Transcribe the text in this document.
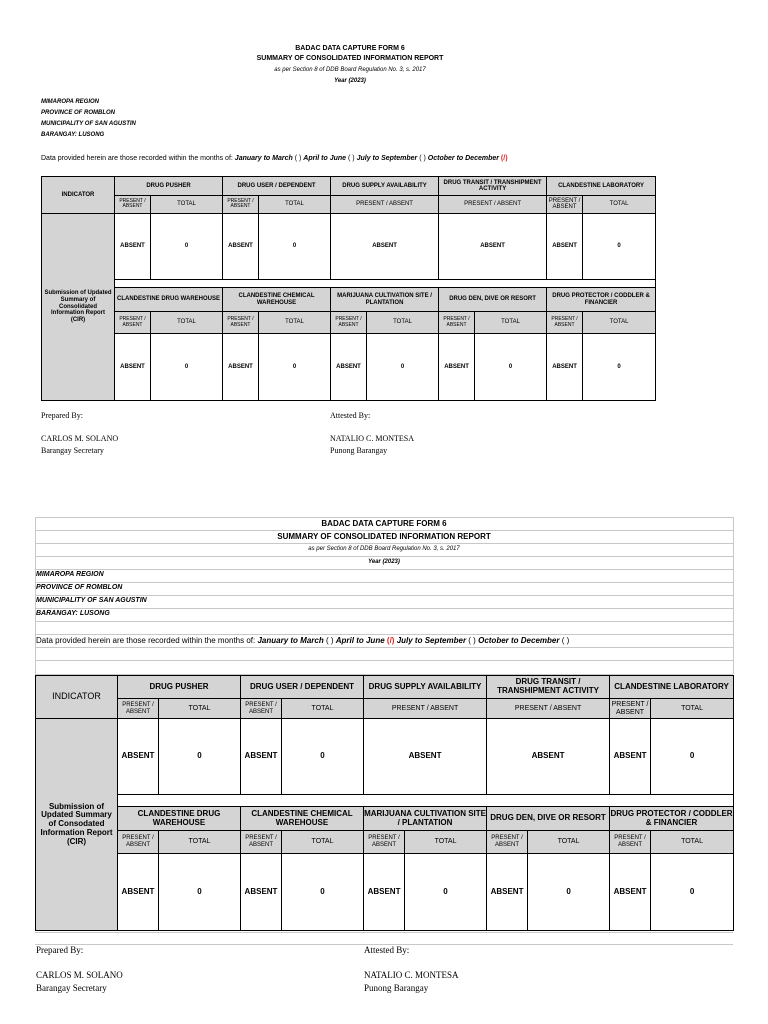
BADAC DATA CAPTURE FORM 6
SUMMARY OF CONSOLIDATED INFORMATION REPORT
as per Section 8 of DDB Board Regulation No. 3, s. 2017
Year (2023)
MIMAROPA REGION
PROVINCE OF ROMBLON
MUNICIPALITY OF SAN AGUSTIN
BARANGAY: LUSONG
Data provided herein are those recorded within the months of: January to March ( ) April to June ( ) July to September ( ) October to December (/)
INDICATOR	DRUG PUSHER		DRUG USER / DEPENDENT		DRUG SUPPLY AVAILABILITY		DRUG TRANSIT / TRANSHIPMENT ACTIVITY		CLANDESTINE LABORATORY	
	PRESENT / ABSENT	TOTAL	PRESENT / ABSENT	TOTAL	PRESENT / ABSENT		PRESENT / ABSENT		PRESENT / ABSENT	TOTAL
Submission of Updated Summary of Consolidated Information Report (CIR)	ABSENT	0	ABSENT	0	ABSENT		ABSENT		ABSENT	0

	CLANDESTINE DRUG WAREHOUSE		CLANDESTINE CHEMICAL WAREHOUSE		MARIJUANA CULTIVATION SITE / PLANTATION		DRUG DEN, DIVE OR RESORT		DRUG PROTECTOR / CODDLER & FINANCIER	
	PRESENT / ABSENT	TOTAL	PRESENT / ABSENT	TOTAL	PRESENT / ABSENT	TOTAL	PRESENT / ABSENT	TOTAL	PRESENT / ABSENT	TOTAL
	ABSENT	0	ABSENT	0	ABSENT	0	ABSENT	0	ABSENT	0
Prepared By:
CARLOS M. SOLANO
Barangay Secretary
Attested By:
NATALIO C. MONTESA
Punong Barangay
BADAC DATA CAPTURE FORM 6
SUMMARY OF CONSOLIDATED INFORMATION REPORT
as per Section 8 of DDB Board Regulation No. 3, s. 2017
Year (2023)
MIMAROPA REGION
PROVINCE OF ROMBLON
MUNICIPALITY OF SAN AGUSTIN
BARANGAY: LUSONG
Data provided herein are those recorded within the months of: January to March ( ) April to June (/) July to September ( ) October to December ( )
INDICATOR	DRUG PUSHER		DRUG USER / DEPENDENT		DRUG SUPPLY AVAILABILITY		DRUG TRANSIT / TRANSHIPMENT ACTIVITY		CLANDESTINE LABORATORY	
	PRESENT / ABSENT	TOTAL	PRESENT / ABSENT	TOTAL	PRESENT / ABSENT		PRESENT / ABSENT		PRESENT / ABSENT	TOTAL
Submission of Updated Summary of Consodated Information Report (CIR)	ABSENT	0	ABSENT	0	ABSENT		ABSENT		ABSENT	0

	CLANDESTINE DRUG WAREHOUSE		CLANDESTINE CHEMICAL WAREHOUSE		MARIJUANA CULTIVATION SITE / PLANTATION		DRUG DEN, DIVE OR RESORT		DRUG PROTECTOR / CODDLER & FINANCIER	
	PRESENT / ABSENT	TOTAL	PRESENT / ABSENT	TOTAL	PRESENT / ABSENT	TOTAL	PRESENT / ABSENT	TOTAL	PRESENT / ABSENT	TOTAL
	ABSENT	0	ABSENT	0	ABSENT	0	ABSENT	0	ABSENT	0
Prepared By:
CARLOS M. SOLANO
Barangay Secretary
Attested By:
NATALIO C. MONTESA
Punong Barangay
